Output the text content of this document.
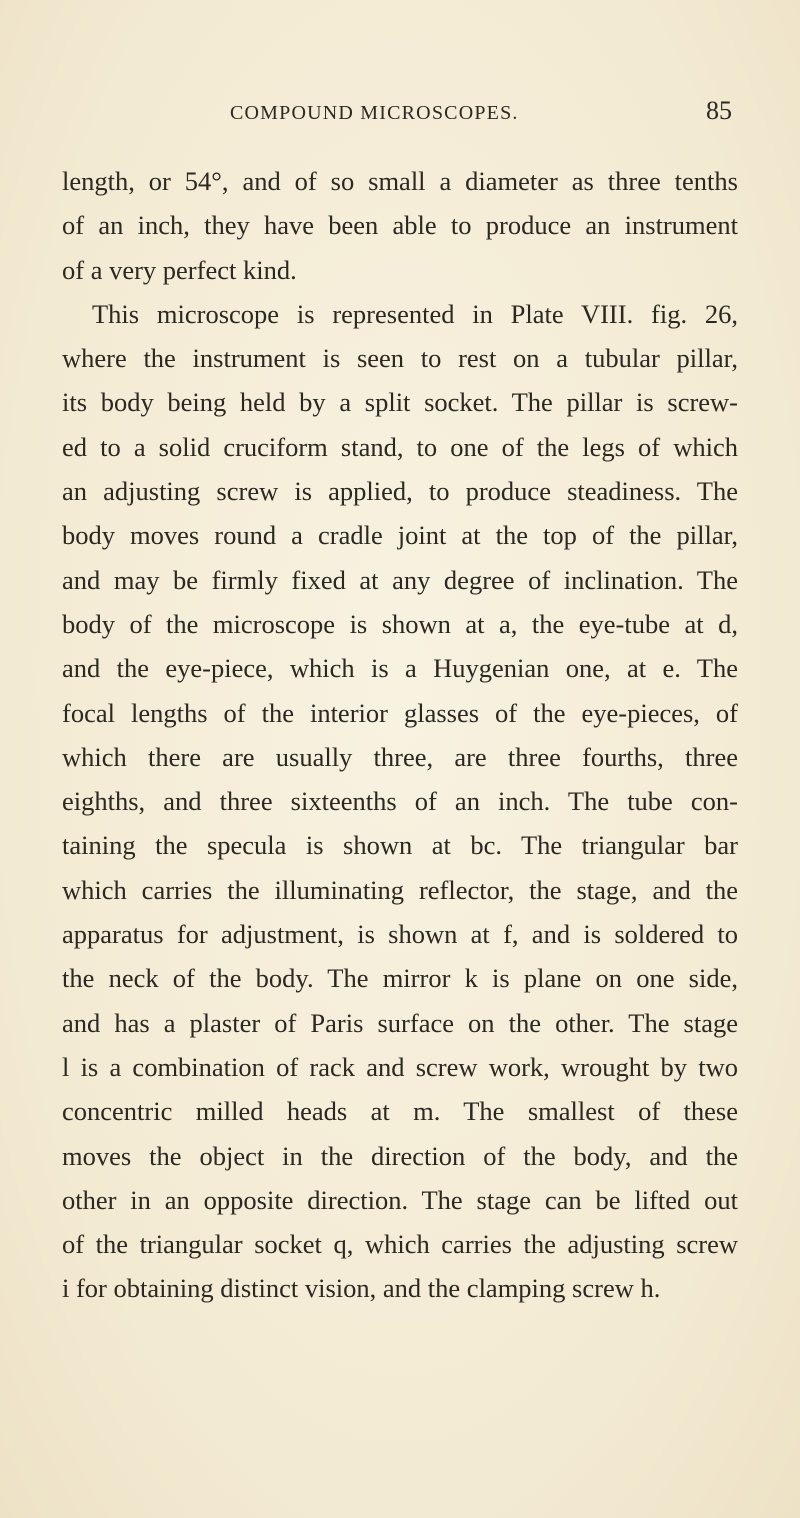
COMPOUND MICROSCOPES.	85
length, or 54°, and of so small a diameter as three tenths
of an inch, they have been able to produce an instrument
of a very perfect kind.
This microscope is represented in Plate VIII. fig. 26,
where the instrument is seen to rest on a tubular pillar,
its body being held by a split socket. The pillar is screw-
ed to a solid cruciform stand, to one of the legs of which
an adjusting screw is applied, to produce steadiness. The
body moves round a cradle joint at the top of the pillar,
and may be firmly fixed at any degree of inclination. The
body of the microscope is shown at a, the eye-tube at d,
and the eye-piece, which is a Huygenian one, at e. The
focal lengths of the interior glasses of the eye-pieces, of
which there are usually three, are three fourths, three
eighths, and three sixteenths of an inch. The tube con-
taining the specula is shown at bc. The triangular bar
which carries the illuminating reflector, the stage, and the
apparatus for adjustment, is shown at f, and is soldered to
the neck of the body. The mirror k is plane on one side,
and has a plaster of Paris surface on the other. The stage
l is a combination of rack and screw work, wrought by two
concentric milled heads at m. The smallest of these
moves the object in the direction of the body, and the
other in an opposite direction. The stage can be lifted out
of the triangular socket q, which carries the adjusting screw
i for obtaining distinct vision, and the clamping screw h.
